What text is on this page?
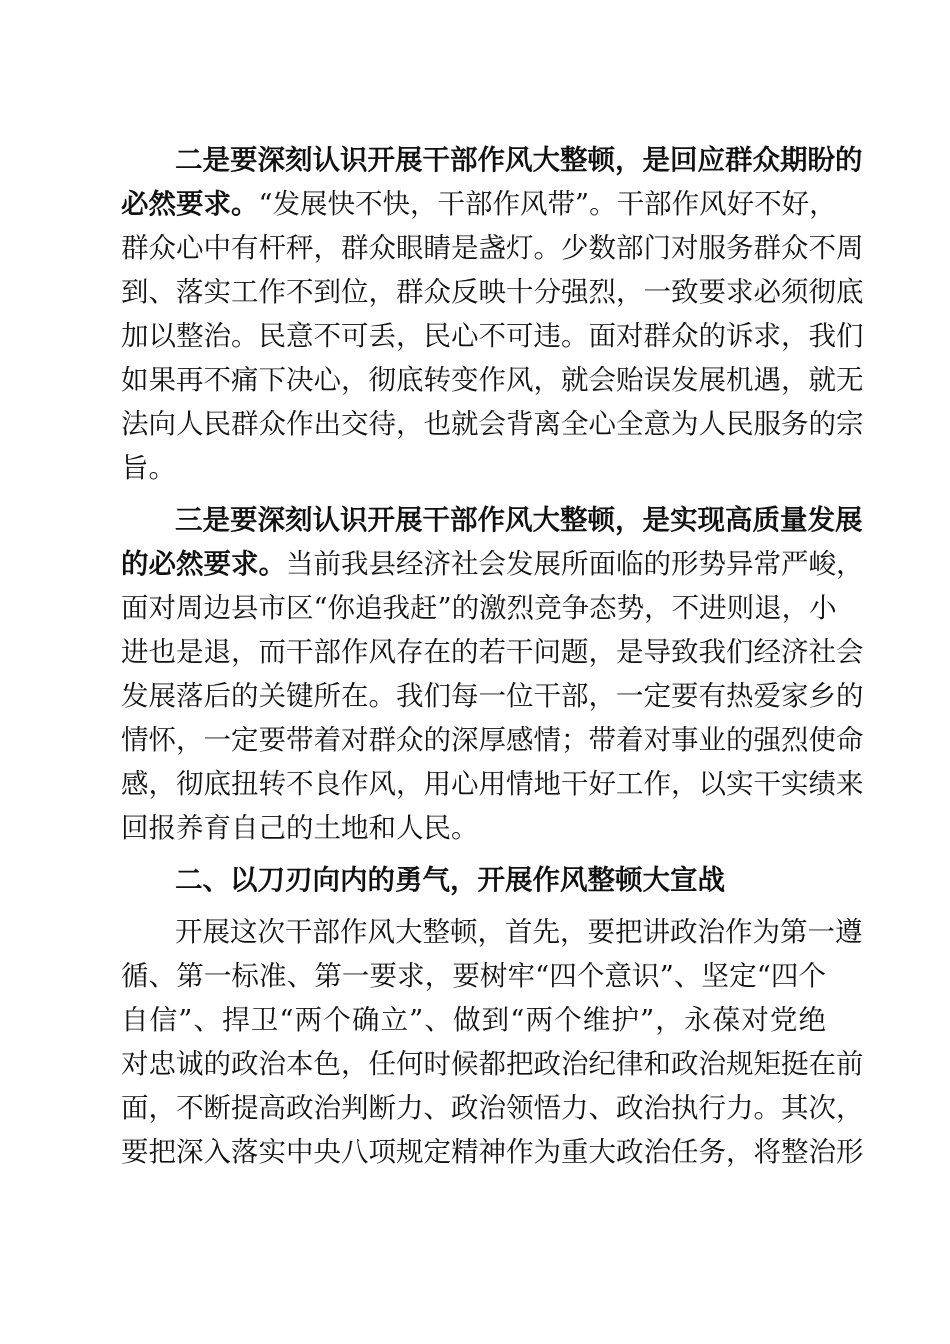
二是要深刻认识开展干部作风大整顿，是回应群众期盼的
必然要求。“发展快不快，干部作风带”。干部作风好不好，
群众心中有杆秤，群众眼睛是盏灯。少数部门对服务群众不周
到、落实工作不到位，群众反映十分强烈，一致要求必须彻底
加以整治。民意不可丢，民心不可违。面对群众的诉求，我们
如果再不痛下决心，彻底转变作风，就会贻误发展机遇，就无
法向人民群众作出交待，也就会背离全心全意为人民服务的宗
旨。
三是要深刻认识开展干部作风大整顿，是实现高质量发展
的必然要求。当前我县经济社会发展所面临的形势异常严峻，
面对周边县市区“你追我赶”的激烈竞争态势，不进则退，小
进也是退，而干部作风存在的若干问题，是导致我们经济社会
发展落后的关键所在。我们每一位干部，一定要有热爱家乡的
情怀，一定要带着对群众的深厚感情；带着对事业的强烈使命
感，彻底扭转不良作风，用心用情地干好工作，以实干实绩来
回报养育自己的土地和人民。
二、以刀刃向内的勇气，开展作风整顿大宣战
开展这次干部作风大整顿，首先，要把讲政治作为第一遵
循、第一标准、第一要求，要树牢“四个意识”、坚定“四个
自信”、捍卫“两个确立”、做到“两个维护”，永葆对党绝
对忠诚的政治本色，任何时候都把政治纪律和政治规矩挺在前
面，不断提高政治判断力、政治领悟力、政治执行力。其次，
要把深入落实中央八项规定精神作为重大政治任务，将整治形
